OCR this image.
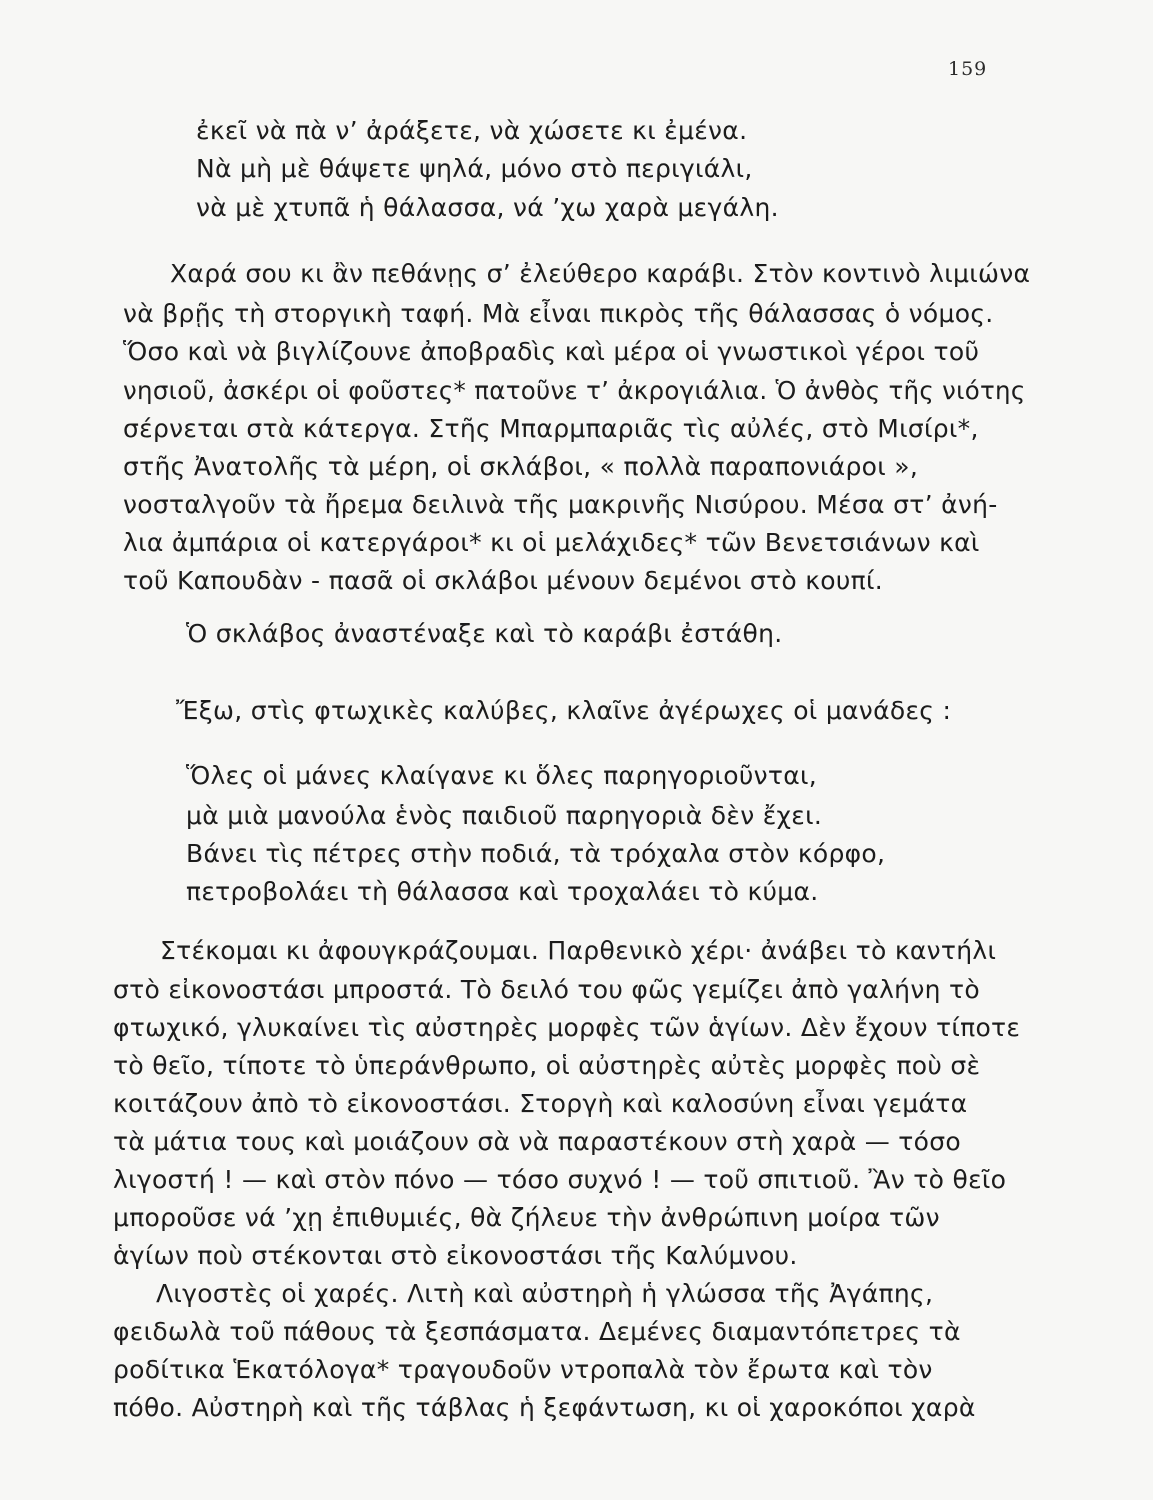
159
ἐκεῖ νὰ πὰ ν’ ἀράξετε, νὰ χώσετε κι ἐμένα.
Νὰ μὴ μὲ θάψετε ψηλά, μόνο στὸ περιγιάλι,
νὰ μὲ χτυπᾶ ἡ θάλασσα, νά ’χω χαρὰ μεγάλη.
Χαρά σου κι ἂν πεθάνῃς σ’ ἐλεύθερο καράβι. Στὸν κοντινὸ λιμιώνα
νὰ βρῇς τὴ στοργικὴ ταφή. Μὰ εἶναι πικρὸς τῆς θάλασσας ὁ νόμος.
Ὅσο καὶ νὰ βιγλίζουνε ἀποβραδὶς καὶ μέρα οἱ γνωστικοὶ γέροι τοῦ
νησιοῦ, ἀσκέρι οἱ φοῦστες* πατοῦνε τ’ ἀκρογιάλια. Ὁ ἀνθὸς τῆς νιότης
σέρνεται στὰ κάτεργα. Στῆς Μπαρμπαριᾶς τὶς αὐλές, στὸ Μισίρι*,
στῆς Ἀνατολῆς τὰ μέρη, οἱ σκλάβοι, « πολλὰ παραπονιάροι »,
νοσταλγοῦν τὰ ἤρεμα δειλινὰ τῆς μακρινῆς Νισύρου. Μέσα στ’ ἀνή-
λια ἀμπάρια οἱ κατεργάροι* κι οἱ μελάχιδες* τῶν Βενετσιάνων καὶ
τοῦ Καπουδὰν - πασᾶ οἱ σκλάβοι μένουν δεμένοι στὸ κουπί.
Ὁ σκλάβος ἀναστέναξε καὶ τὸ καράβι ἐστάθη.
Ἔξω, στὶς φτωχικὲς καλύβες, κλαῖνε ἀγέρωχες οἱ μανάδες :
Ὅλες οἱ μάνες κλαίγανε κι ὅλες παρηγοριοῦνται,
μὰ μιὰ μανούλα ἑνὸς παιδιοῦ παρηγοριὰ δὲν ἔχει.
Βάνει τὶς πέτρες στὴν ποδιά, τὰ τρόχαλα στὸν κόρφο,
πετροβολάει τὴ θάλασσα καὶ τροχαλάει τὸ κύμα.
Στέκομαι κι ἀφουγκράζουμαι. Παρθενικὸ χέρι· ἀνάβει τὸ καντήλι
στὸ εἰκονοστάσι μπροστά. Τὸ δειλό του φῶς γεμίζει ἀπὸ γαλήνη τὸ
φτωχικό, γλυκαίνει τὶς αὐστηρὲς μορφὲς τῶν ἁγίων. Δὲν ἔχουν τίποτε
τὸ θεῖο, τίποτε τὸ ὑπεράνθρωπο, οἱ αὐστηρὲς αὐτὲς μορφὲς ποὺ σὲ
κοιτάζουν ἀπὸ τὸ εἰκονοστάσι. Στοργὴ καὶ καλοσύνη εἶναι γεμάτα
τὰ μάτια τους καὶ μοιάζουν σὰ νὰ παραστέκουν στὴ χαρὰ — τόσο
λιγοστή ! — καὶ στὸν πόνο — τόσο συχνό ! — τοῦ σπιτιοῦ. Ἂν τὸ θεῖο
μποροῦσε νά ’χῃ ἐπιθυμιές, θὰ ζήλευε τὴν ἀνθρώπινη μοίρα τῶν
ἁγίων ποὺ στέκονται στὸ εἰκονοστάσι τῆς Καλύμνου.
Λιγοστὲς οἱ χαρές. Λιτὴ καὶ αὐστηρὴ ἡ γλώσσα τῆς Ἀγάπης,
φειδωλὰ τοῦ πάθους τὰ ξεσπάσματα. Δεμένες διαμαντόπετρες τὰ
ροδίτικα Ἑκατόλογα* τραγουδοῦν ντροπαλὰ τὸν ἔρωτα καὶ τὸν
πόθο. Αὐστηρὴ καὶ τῆς τάβλας ἡ ξεφάντωση, κι οἱ χαροκόποι χαρὰ
